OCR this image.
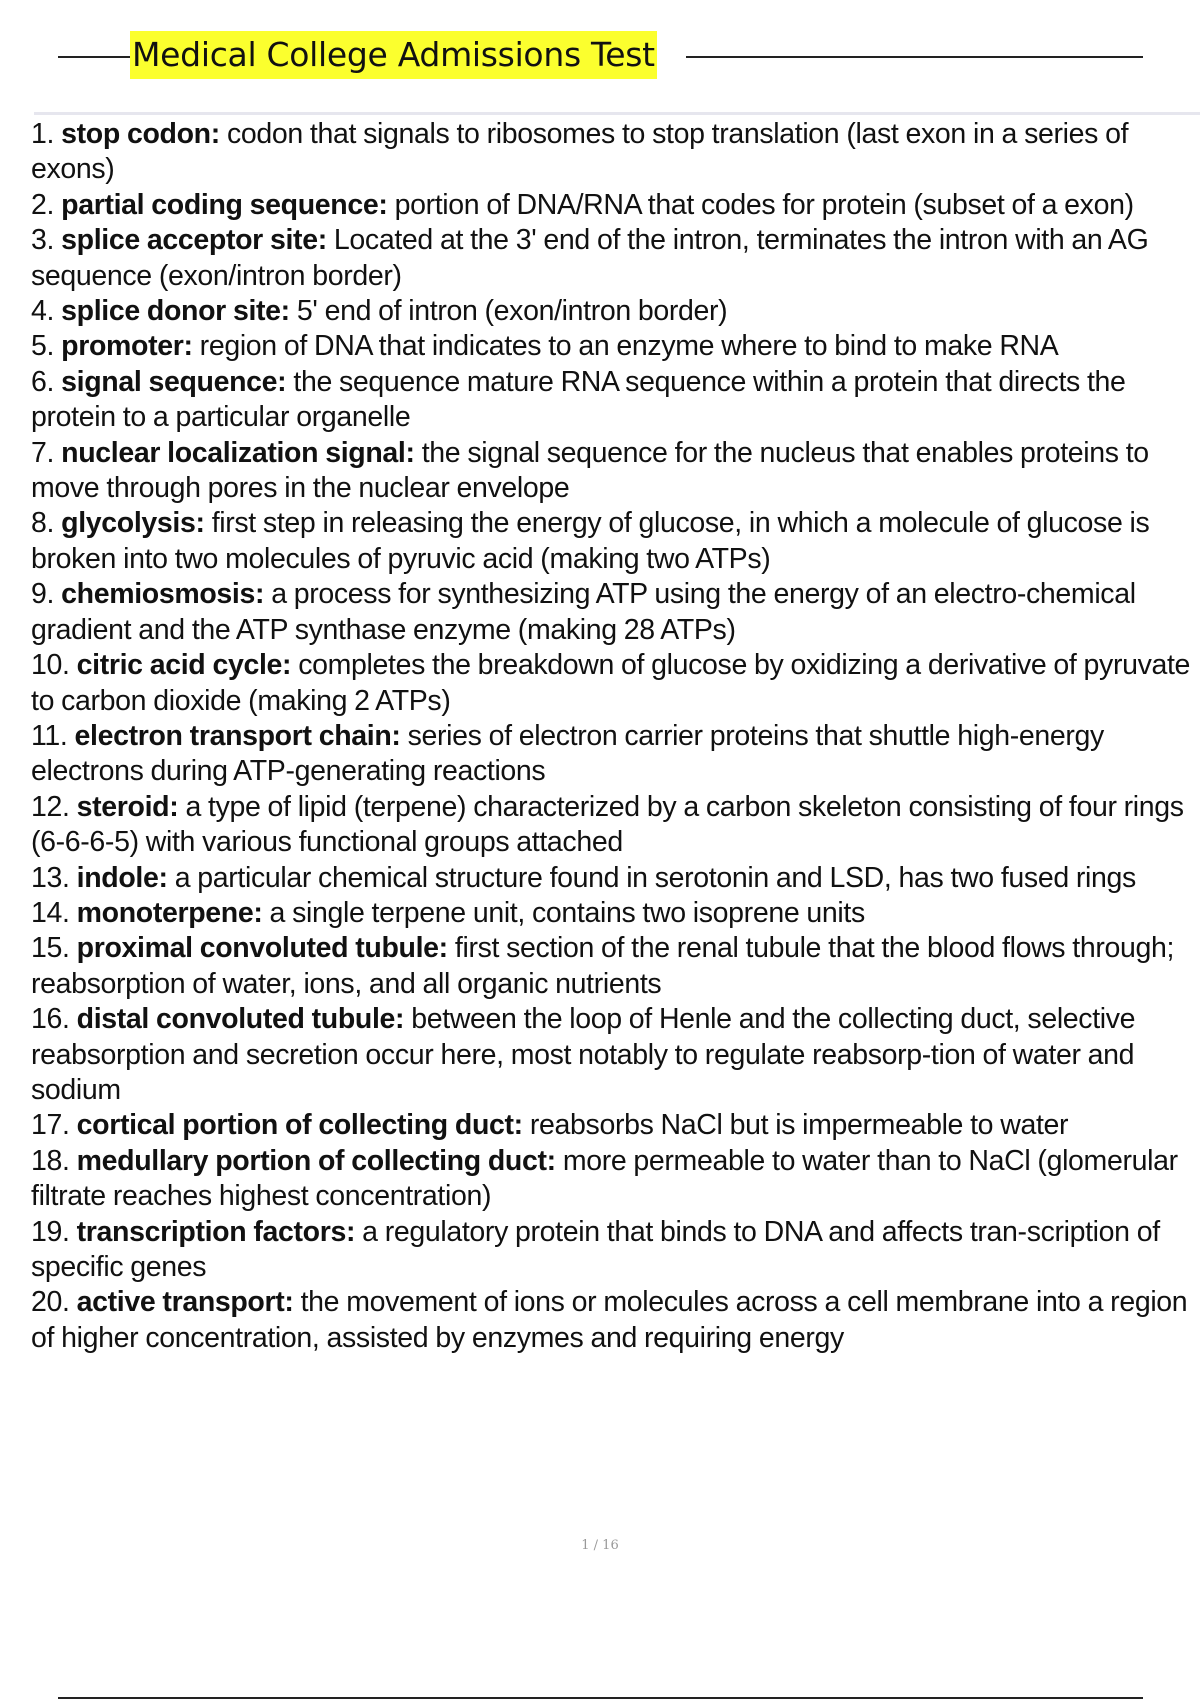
Medical College Admissions Test
1. stop codon: codon that signals to ribosomes to stop translation (last exon in a series of exons)
2. partial coding sequence: portion of DNA/RNA that codes for protein (subset of a exon)
3. splice acceptor site: Located at the 3' end of the intron, terminates the intron with an AG sequence (exon/intron border)
4. splice donor site: 5' end of intron (exon/intron border)
5. promoter: region of DNA that indicates to an enzyme where to bind to make RNA
6. signal sequence: the sequence mature RNA sequence within a protein that directs the protein to a particular organelle
7. nuclear localization signal: the signal sequence for the nucleus that enables proteins to move through pores in the nuclear envelope
8. glycolysis: first step in releasing the energy of glucose, in which a molecule of glucose is broken into two molecules of pyruvic acid (making two ATPs)
9. chemiosmosis: a process for synthesizing ATP using the energy of an electro-chemical gradient and the ATP synthase enzyme (making 28 ATPs)
10. citric acid cycle: completes the breakdown of glucose by oxidizing a derivative of pyruvate to carbon dioxide (making 2 ATPs)
11. electron transport chain: series of electron carrier proteins that shuttle high-energy electrons during ATP-generating reactions
12. steroid: a type of lipid (terpene) characterized by a carbon skeleton consisting of four rings (6-6-6-5) with various functional groups attached
13. indole: a particular chemical structure found in serotonin and LSD, has two fused rings
14. monoterpene: a single terpene unit, contains two isoprene units
15. proximal convoluted tubule: first section of the renal tubule that the blood flows through; reabsorption of water, ions, and all organic nutrients
16. distal convoluted tubule: between the loop of Henle and the collecting duct, selective reabsorption and secretion occur here, most notably to regulate reabsorp-tion of water and sodium
17. cortical portion of collecting duct: reabsorbs NaCl but is impermeable to water
18. medullary portion of collecting duct: more permeable to water than to NaCl (glomerular filtrate reaches highest concentration)
19. transcription factors: a regulatory protein that binds to DNA and affects tran-scription of specific genes
20. active transport: the movement of ions or molecules across a cell membrane into a region of higher concentration, assisted by enzymes and requiring energy
1 / 16
